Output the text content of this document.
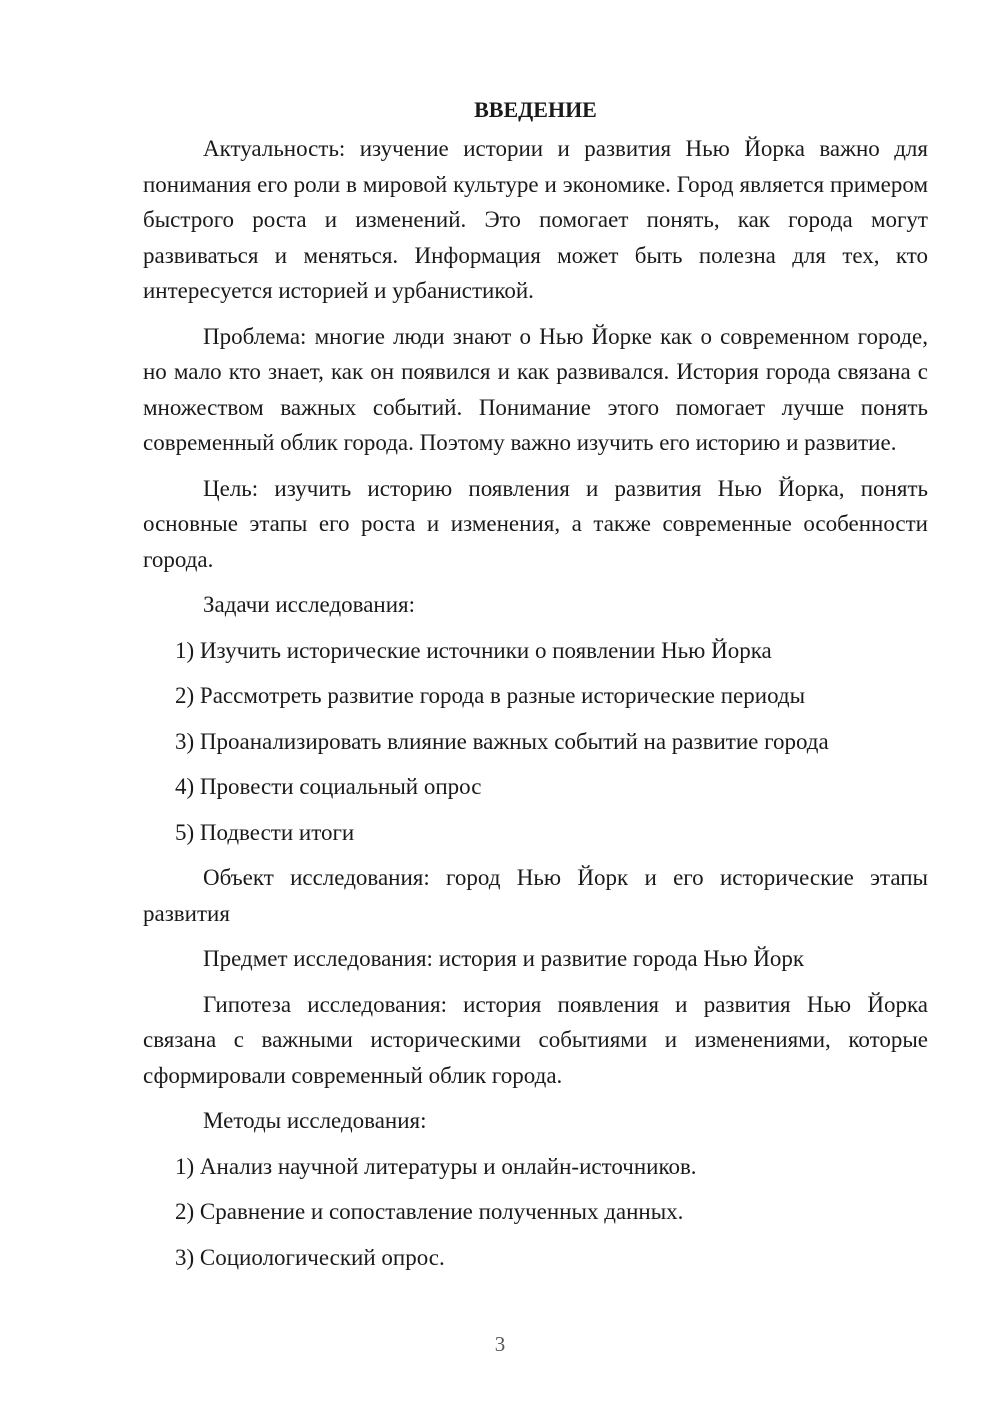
ВВЕДЕНИЕ

Актуальность: изучение истории и развития Нью Йорка важно для понимания его роли в мировой культуре и экономике. Город является примером быстрого роста и изменений. Это помогает понять, как города могут развиваться и меняться. Информация может быть полезна для тех, кто интересуется историей и урбанистикой.

Проблема: многие люди знают о Нью Йорке как о современном городе, но мало кто знает, как он появился и как развивался. История города связана с множеством важных событий. Понимание этого помогает лучше понять современный облик города. Поэтому важно изучить его историю и развитие.

Цель: изучить историю появления и развития Нью Йорка, понять основные этапы его роста и изменения, а также современные особенности города.

Задачи исследования:

1) Изучить исторические источники о появлении Нью Йорка

2) Рассмотреть развитие города в разные исторические периоды

3) Проанализировать влияние важных событий на развитие города

4) Провести социальный опрос

5) Подвести итоги

Объект исследования: город Нью Йорк и его исторические этапы развития

Предмет исследования: история и развитие города Нью Йорк

Гипотеза исследования: история появления и развития Нью Йорка связана с важными историческими событиями и изменениями, которые сформировали современный облик города.

Методы исследования:

1) Анализ научной литературы и онлайн-источников.

2) Сравнение и сопоставление полученных данных.

3) Социологический опрос.

3
